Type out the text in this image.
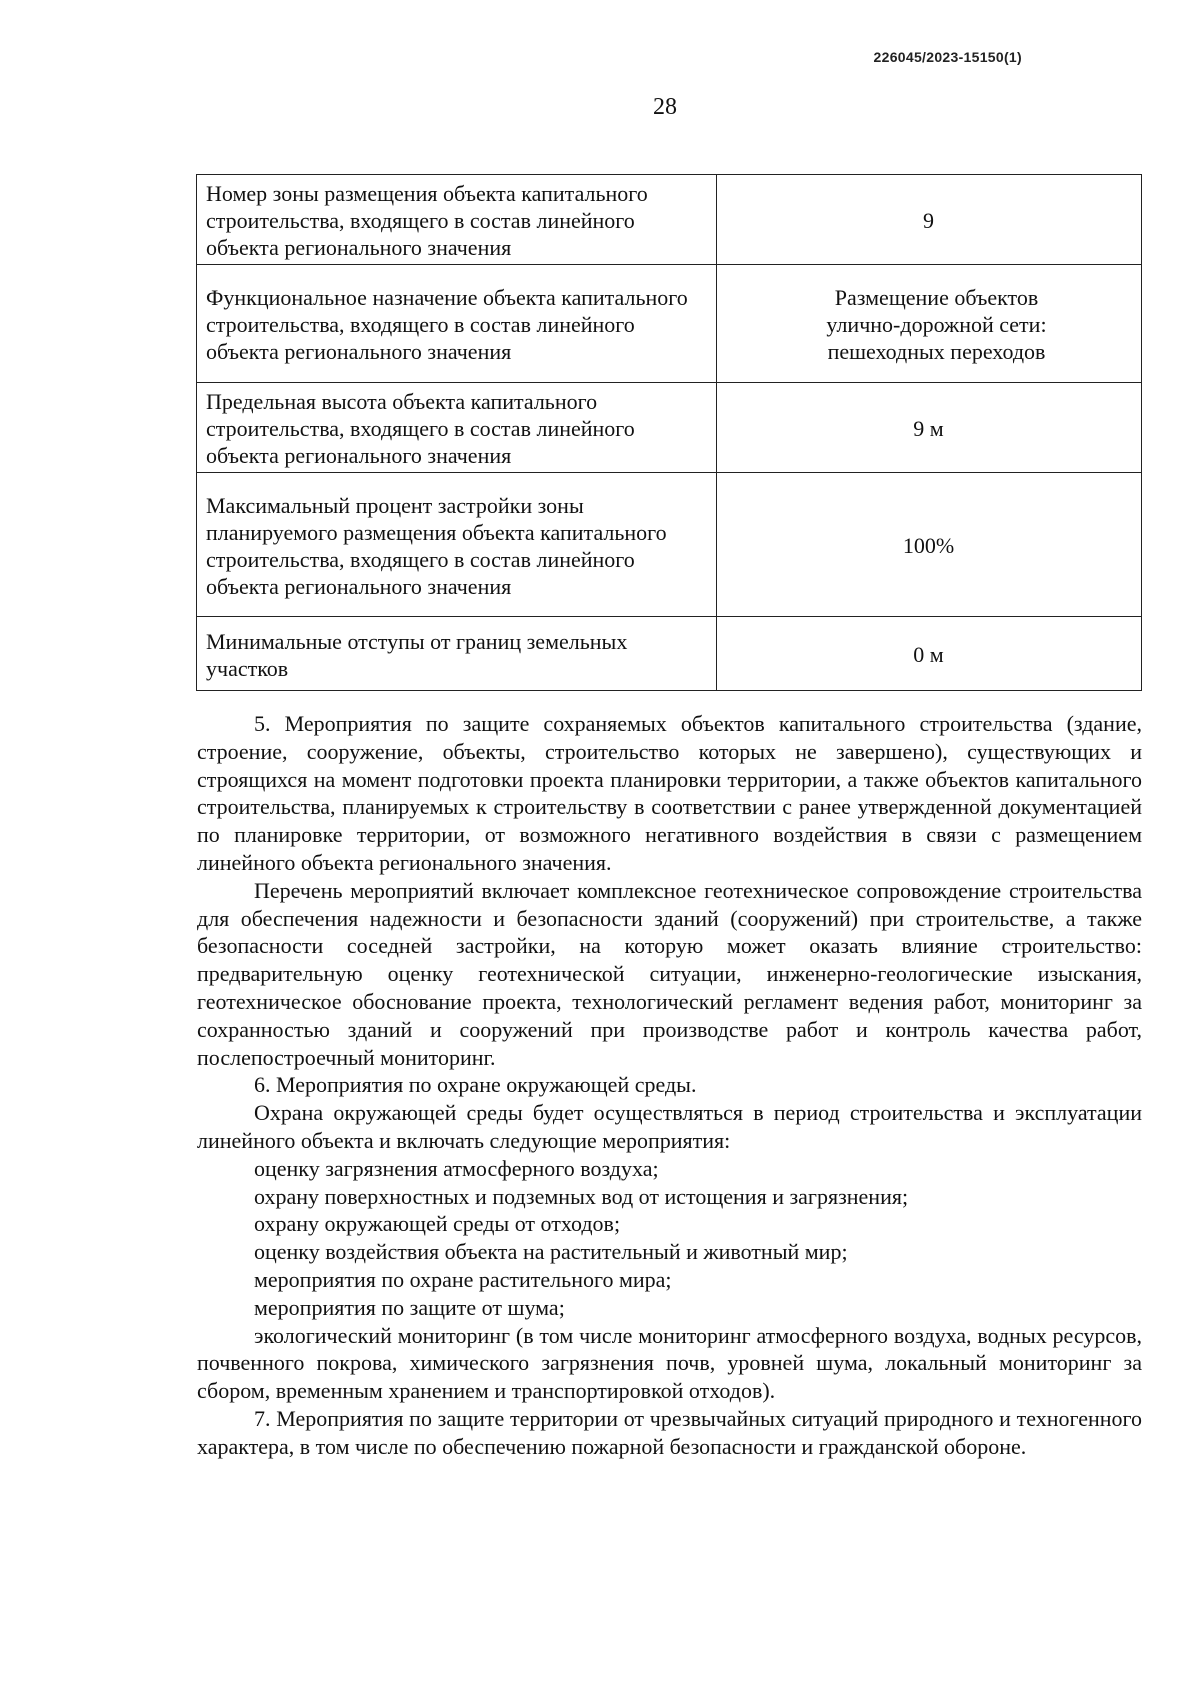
226045/2023-15150(1)
28
Номер зоны размещения объекта капитального строительства, входящего в состав линейного объекта регионального значения	9
Функциональное назначение объекта капитального строительства, входящего в состав линейного объекта регионального значения	Размещение объектов улично-дорожной сети: пешеходных переходов
Предельная высота объекта капитального строительства, входящего в состав линейного объекта регионального значения	9 м
Максимальный процент застройки зоны планируемого размещения объекта капитального строительства, входящего в состав линейного объекта регионального значения	100%
Минимальные отступы от границ земельных участков	0 м

5. Мероприятия по защите сохраняемых объектов капитального строительства (здание, строение, сооружение, объекты, строительство которых не завершено), существующих и строящихся на момент подготовки проекта планировки территории, а также объектов капитального строительства, планируемых к строительству в соответствии с ранее утвержденной документацией по планировке территории, от возможного негативного воздействия в связи с размещением линейного объекта регионального значения.

Перечень мероприятий включает комплексное геотехническое сопровождение строительства для обеспечения надежности и безопасности зданий (сооружений) при строительстве, а также безопасности соседней застройки, на которую может оказать влияние строительство: предварительную оценку геотехнической ситуации, инженерно-геологические изыскания, геотехническое обоснование проекта, технологический регламент ведения работ, мониторинг за сохранностью зданий и сооружений при производстве работ и контроль качества работ, послепостроечный мониторинг.

6. Мероприятия по охране окружающей среды.

Охрана окружающей среды будет осуществляться в период строительства и эксплуатации линейного объекта и включать следующие мероприятия:

оценку загрязнения атмосферного воздуха;

охрану поверхностных и подземных вод от истощения и загрязнения;

охрану окружающей среды от отходов;

оценку воздействия объекта на растительный и животный мир;

мероприятия по охране растительного мира;

мероприятия по защите от шума;

экологический мониторинг (в том числе мониторинг атмосферного воздуха, водных ресурсов, почвенного покрова, химического загрязнения почв, уровней шума, локальный мониторинг за сбором, временным хранением и транспортировкой отходов).

7. Мероприятия по защите территории от чрезвычайных ситуаций природного и техногенного характера, в том числе по обеспечению пожарной безопасности и гражданской обороне.
